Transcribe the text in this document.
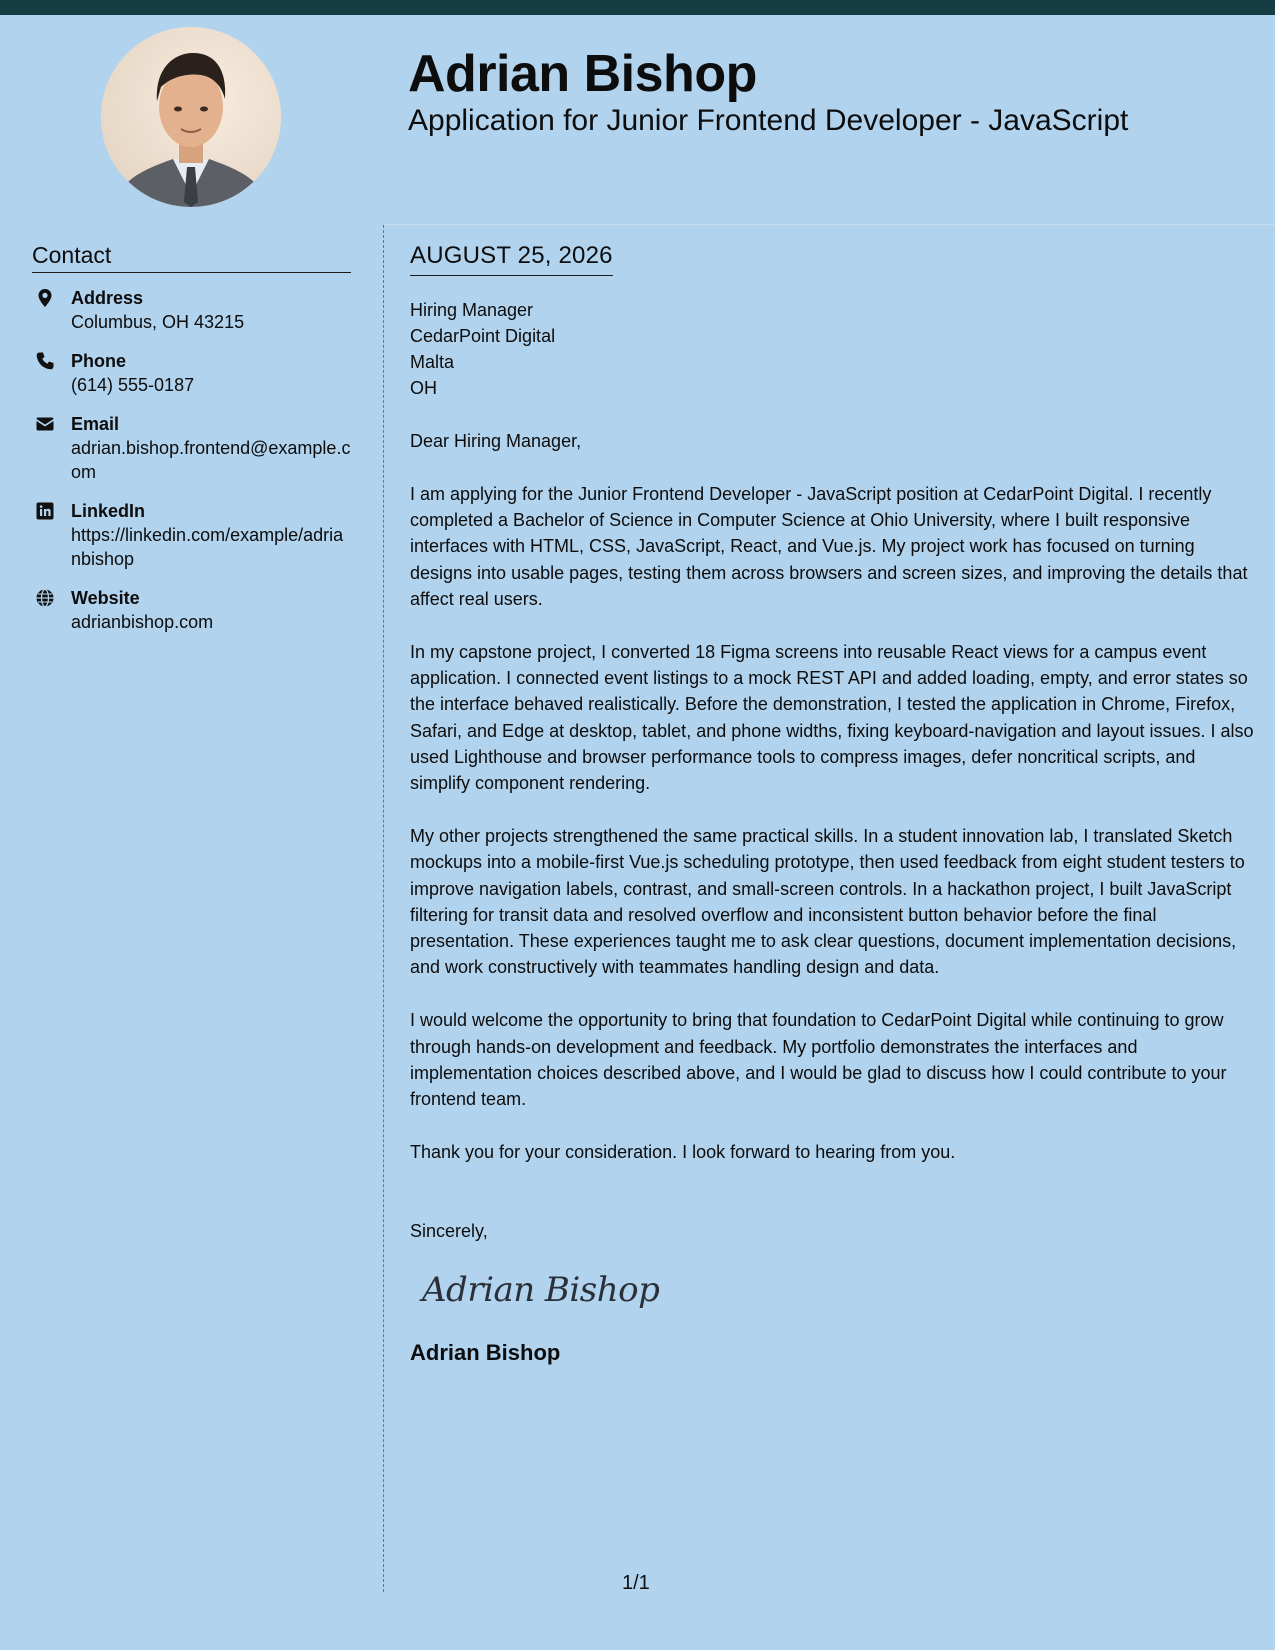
Adrian Bishop
Application for Junior Frontend Developer - JavaScript
Contact
Address
Columbus, OH 43215
Phone
(614) 555-0187
Email
adrian.bishop.frontend@example.com
LinkedIn
https://linkedin.com/example/adrianbishop
Website
adrianbishop.com
AUGUST 25, 2026
Hiring Manager
CedarPoint Digital
Malta
OH

Dear Hiring Manager,

I am applying for the Junior Frontend Developer - JavaScript position at CedarPoint Digital. I recently completed a Bachelor of Science in Computer Science at Ohio University, where I built responsive interfaces with HTML, CSS, JavaScript, React, and Vue.js. My project work has focused on turning designs into usable pages, testing them across browsers and screen sizes, and improving the details that affect real users.

In my capstone project, I converted 18 Figma screens into reusable React views for a campus event application. I connected event listings to a mock REST API and added loading, empty, and error states so the interface behaved realistically. Before the demonstration, I tested the application in Chrome, Firefox, Safari, and Edge at desktop, tablet, and phone widths, fixing keyboard-navigation and layout issues. I also used Lighthouse and browser performance tools to compress images, defer noncritical scripts, and simplify component rendering.

My other projects strengthened the same practical skills. In a student innovation lab, I translated Sketch mockups into a mobile-first Vue.js scheduling prototype, then used feedback from eight student testers to improve navigation labels, contrast, and small-screen controls. In a hackathon project, I built JavaScript filtering for transit data and resolved overflow and inconsistent button behavior before the final presentation. These experiences taught me to ask clear questions, document implementation decisions, and work constructively with teammates handling design and data.

I would welcome the opportunity to bring that foundation to CedarPoint Digital while continuing to grow through hands-on development and feedback. My portfolio demonstrates the interfaces and implementation choices described above, and I would be glad to discuss how I could contribute to your frontend team.

Thank you for your consideration. I look forward to hearing from you.

Sincerely,

Adrian Bishop
Adrian Bishop
1/1
